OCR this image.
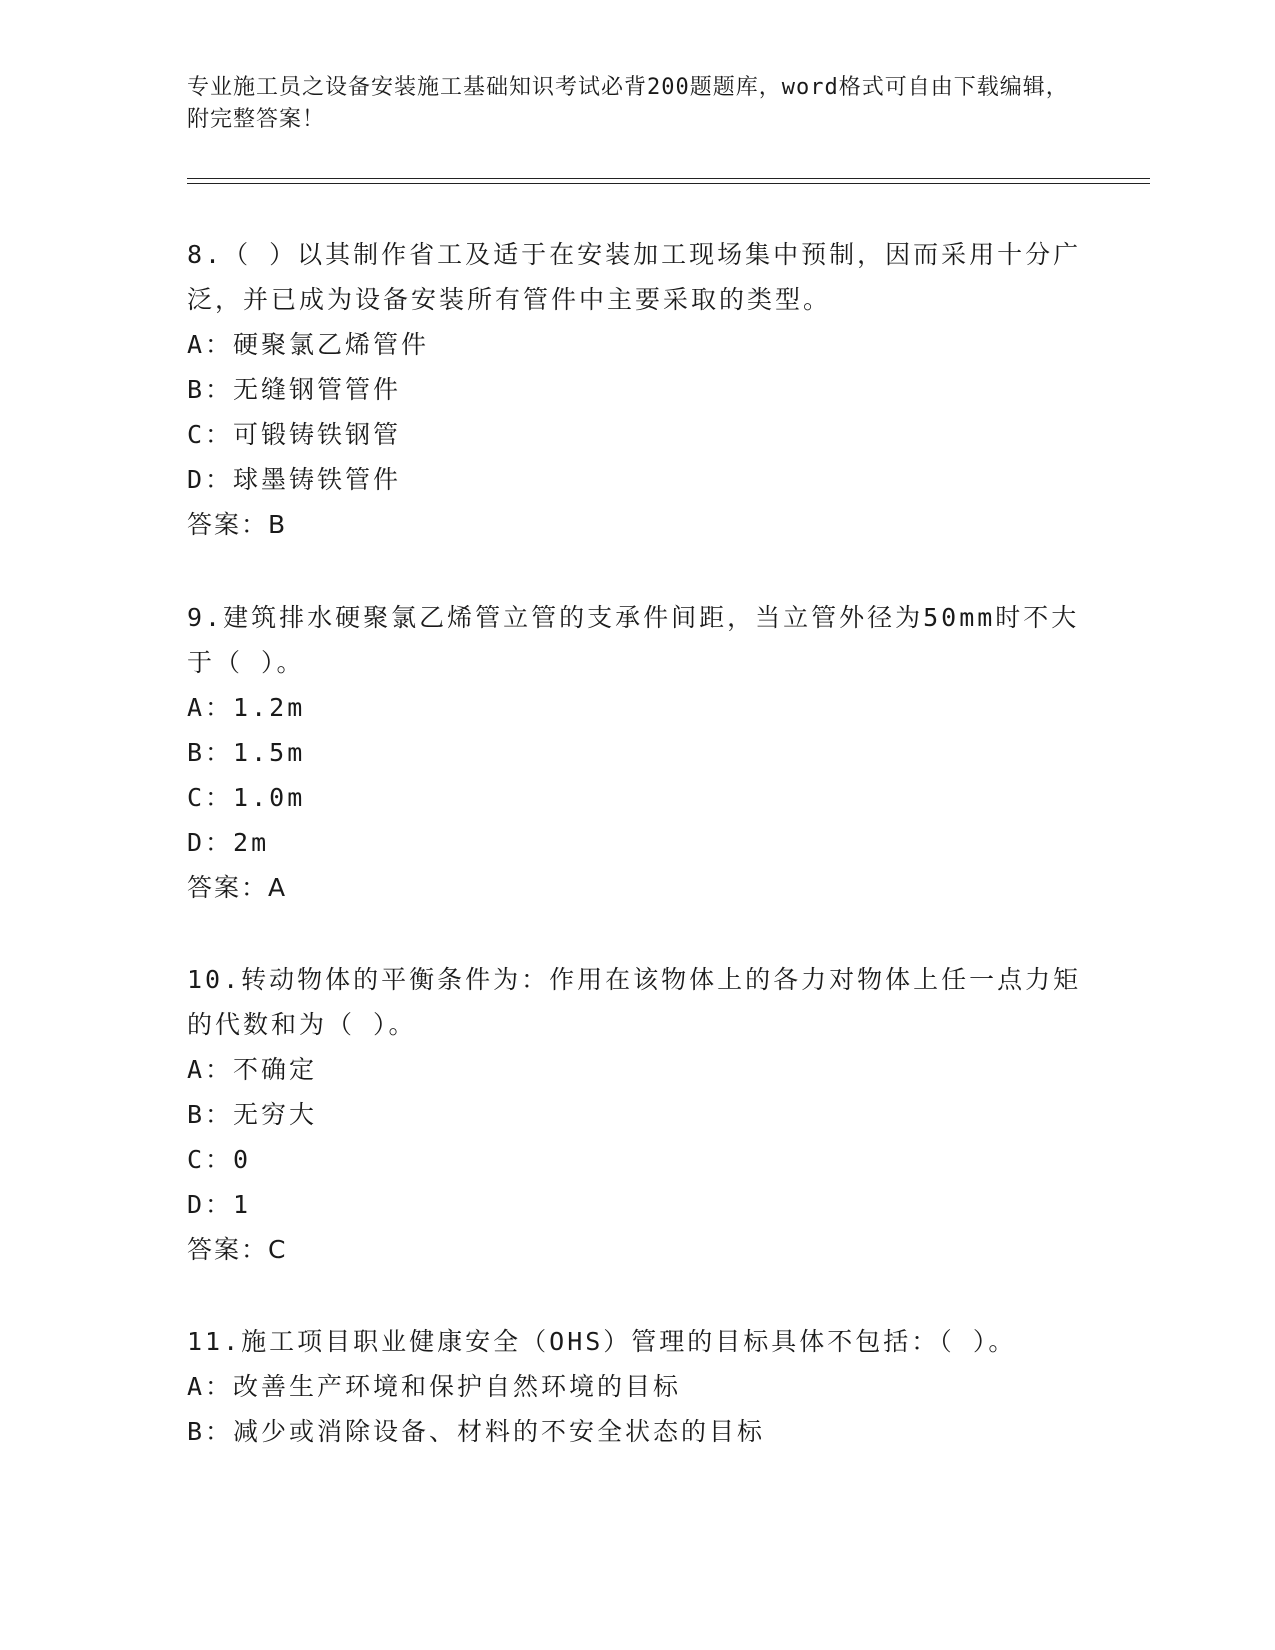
专业施工员之设备安装施工基础知识考试必背200题题库，word格式可自由下载编辑，附完整答案！

8.（ ）以其制作省工及适于在安装加工现场集中预制，因而采用十分广泛，并已成为设备安装所有管件中主要采取的类型。

A：硬聚氯乙烯管件

B：无缝钢管管件

C：可锻铸铁钢管

D：球墨铸铁管件

答案：B

9.建筑排水硬聚氯乙烯管立管的支承件间距，当立管外径为50mm时不大于（ ）。

A：1.2m

B：1.5m

C：1.0m

D：2m

答案：A

10.转动物体的平衡条件为：作用在该物体上的各力对物体上任一点力矩的代数和为（ ）。

A：不确定

B：无穷大

C：0

D：1

答案：C

11.施工项目职业健康安全（OHS）管理的目标具体不包括：（ ）。

A：改善生产环境和保护自然环境的目标

B：减少或消除设备、材料的不安全状态的目标
